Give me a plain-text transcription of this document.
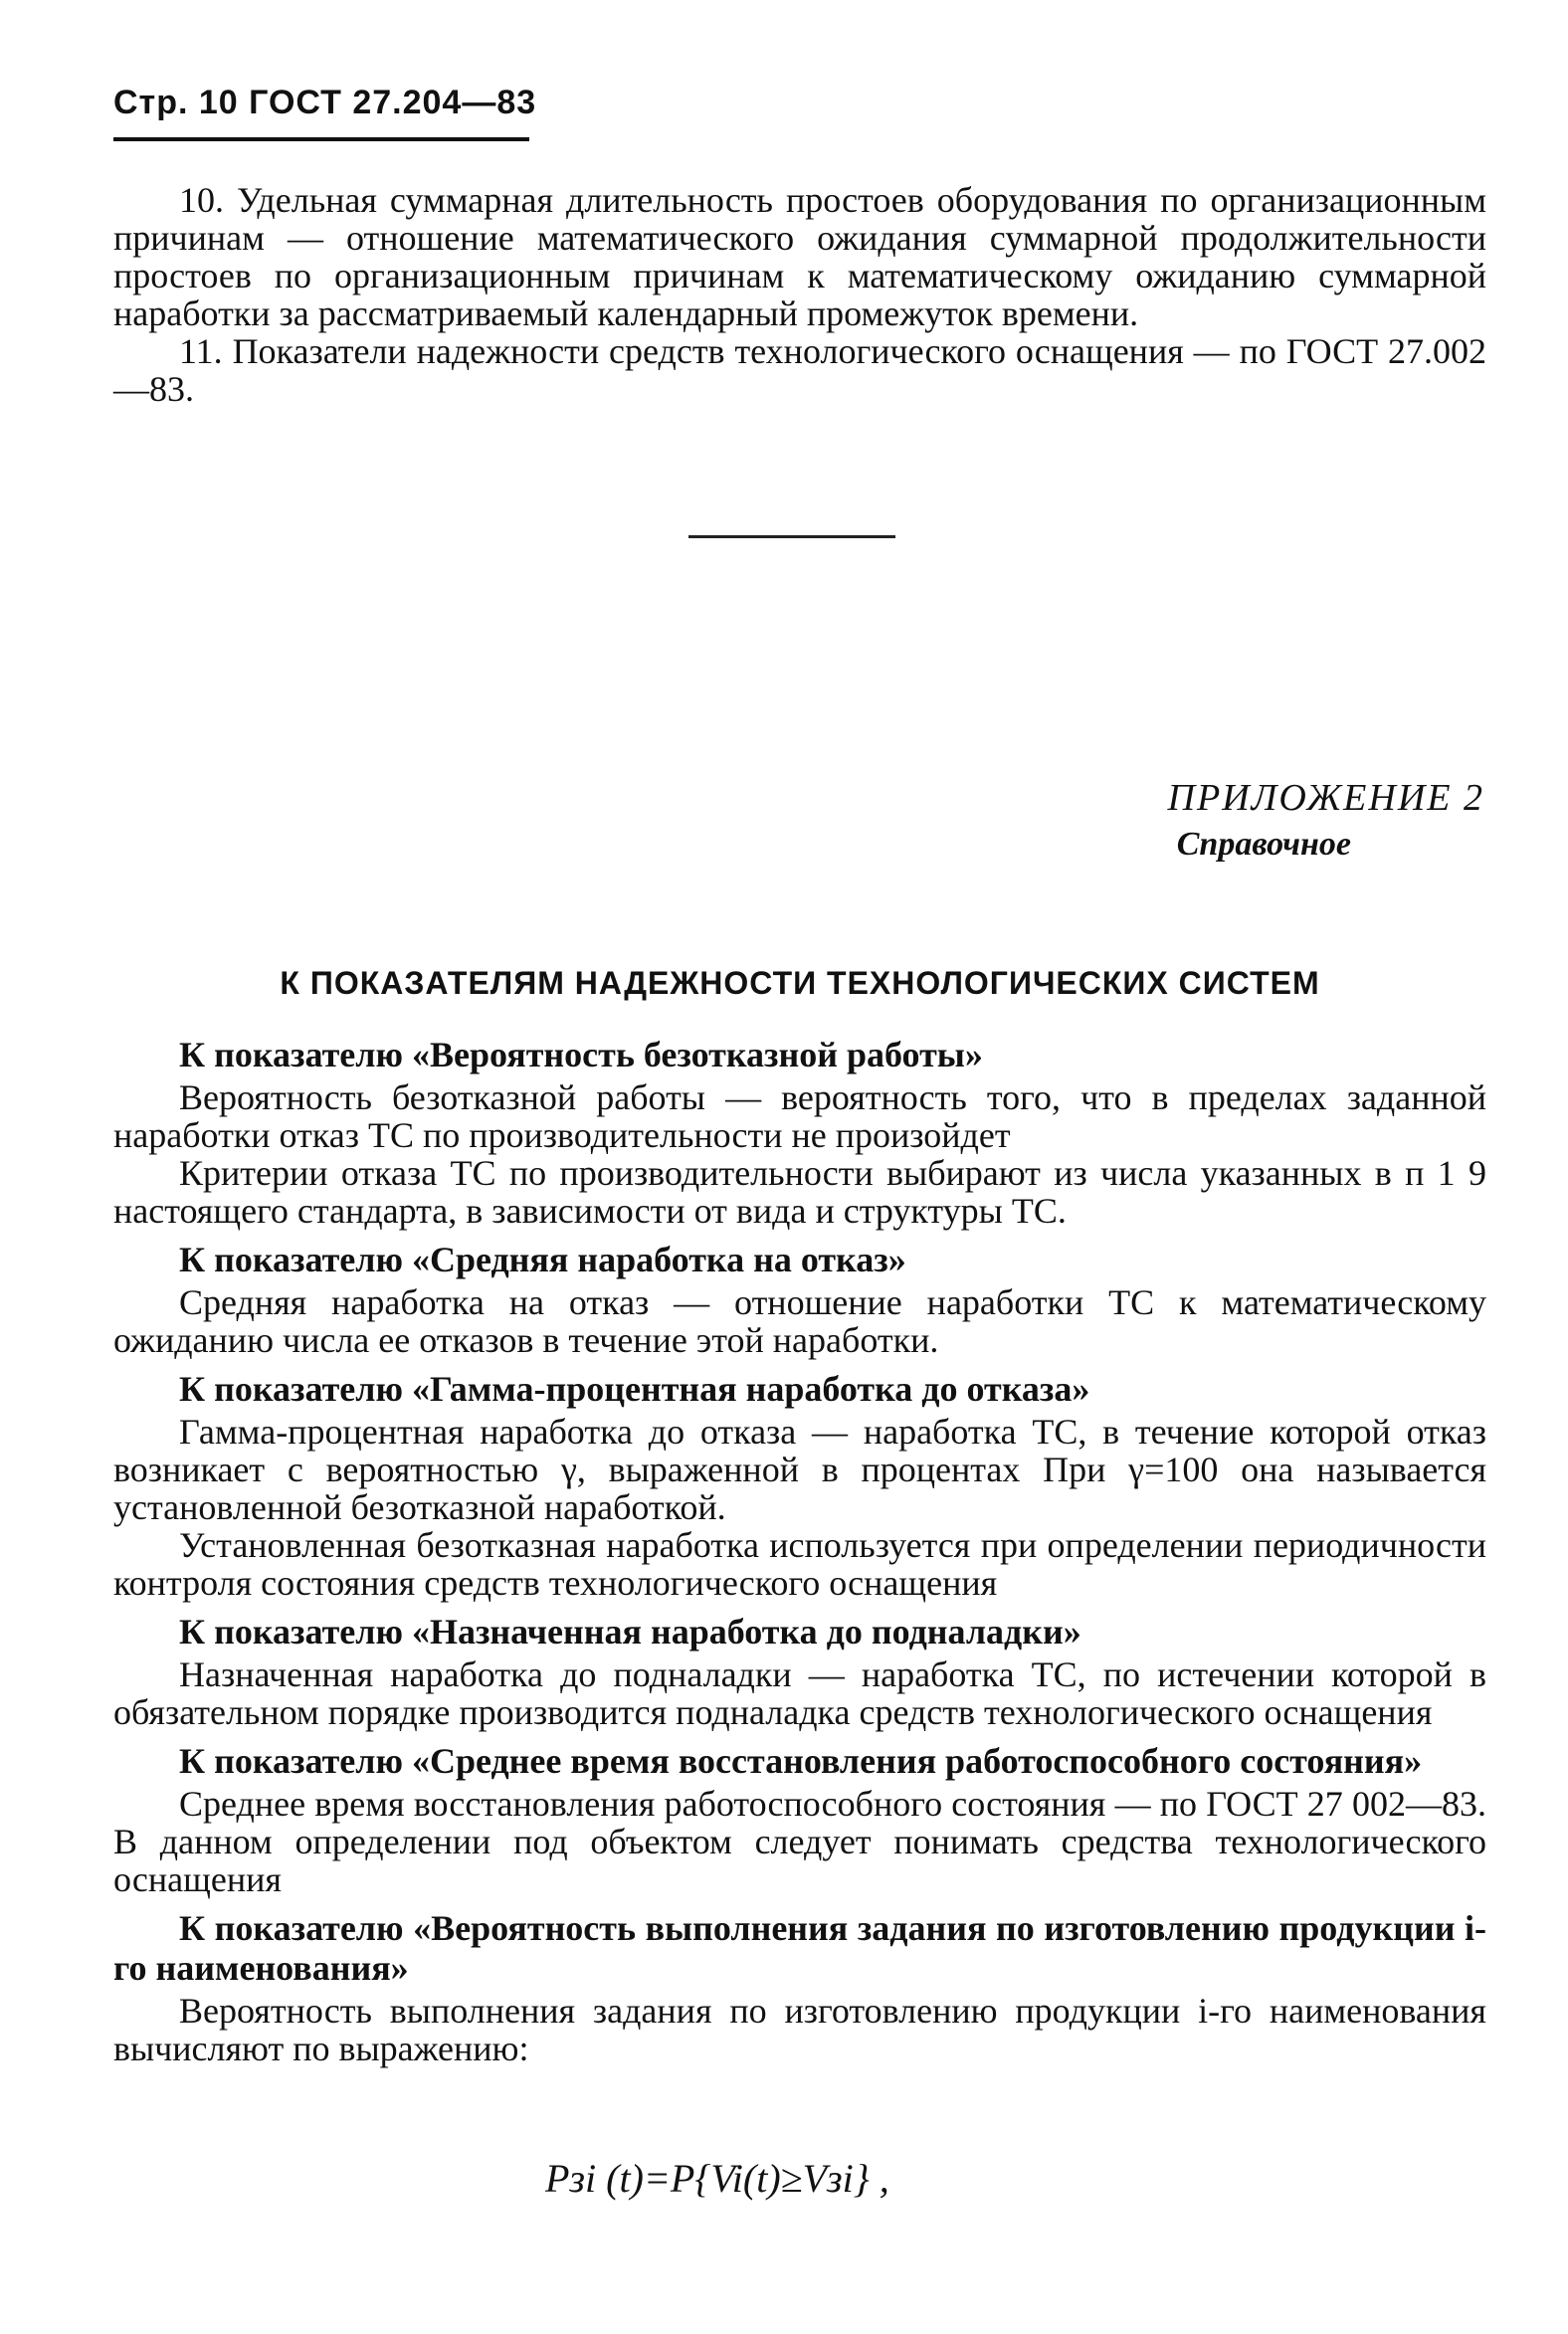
Стр. 10 ГОСТ 27.204—83

10. Удельная суммарная длительность простоев оборудования по организационным причинам — отношение математического ожидания суммарной продолжительности простоев по организационным причинам к математическому ожиданию суммарной наработки за рассматриваемый календарный промежуток времени.

11. Показатели надежности средств технологического оснащения — по ГОСТ 27.002—83.

ПРИЛОЖЕНИЕ 2
Справочное
К ПОКАЗАТЕЛЯМ НАДЕЖНОСТИ ТЕХНОЛОГИЧЕСКИХ СИСТЕМ
К показателю «Вероятность безотказной работы»

Вероятность безотказной работы — вероятность того, что в пределах заданной наработки отказ ТС по производительности не произойдет

Критерии отказа ТС по производительности выбирают из числа указанных в п 1 9 настоящего стандарта, в зависимости от вида и структуры ТС.

К показателю «Средняя наработка на отказ»

Средняя наработка на отказ — отношение наработки ТС к математическому ожиданию числа ее отказов в течение этой наработки.

К показателю «Гамма-процентная наработка до отказа»

Гамма-процентная наработка до отказа — наработка ТС, в течение которой отказ возникает с вероятностью γ, выраженной в процентах При γ=100 она называется установленной безотказной наработкой.

Установленная безотказная наработка используется при определении периодичности контроля состояния средств технологического оснащения

К показателю «Назначенная наработка до подналадки»

Назначенная наработка до подналадки — наработка ТС, по истечении которой в обязательном порядке производится подналадка средств технологического оснащения

К показателю «Среднее время восстановления работоспособного состояния»

Среднее время восстановления работоспособного состояния — по ГОСТ 27 002—83. В данном определении под объектом следует понимать средства технологического оснащения

К показателю «Вероятность выполнения задания по изготовлению продукции i-го наименования»

Вероятность выполнения задания по изготовлению продукции i-го наименования вычисляют по выражению:

Pзi (t)=P{Vi(t)≥Vзi} ,
